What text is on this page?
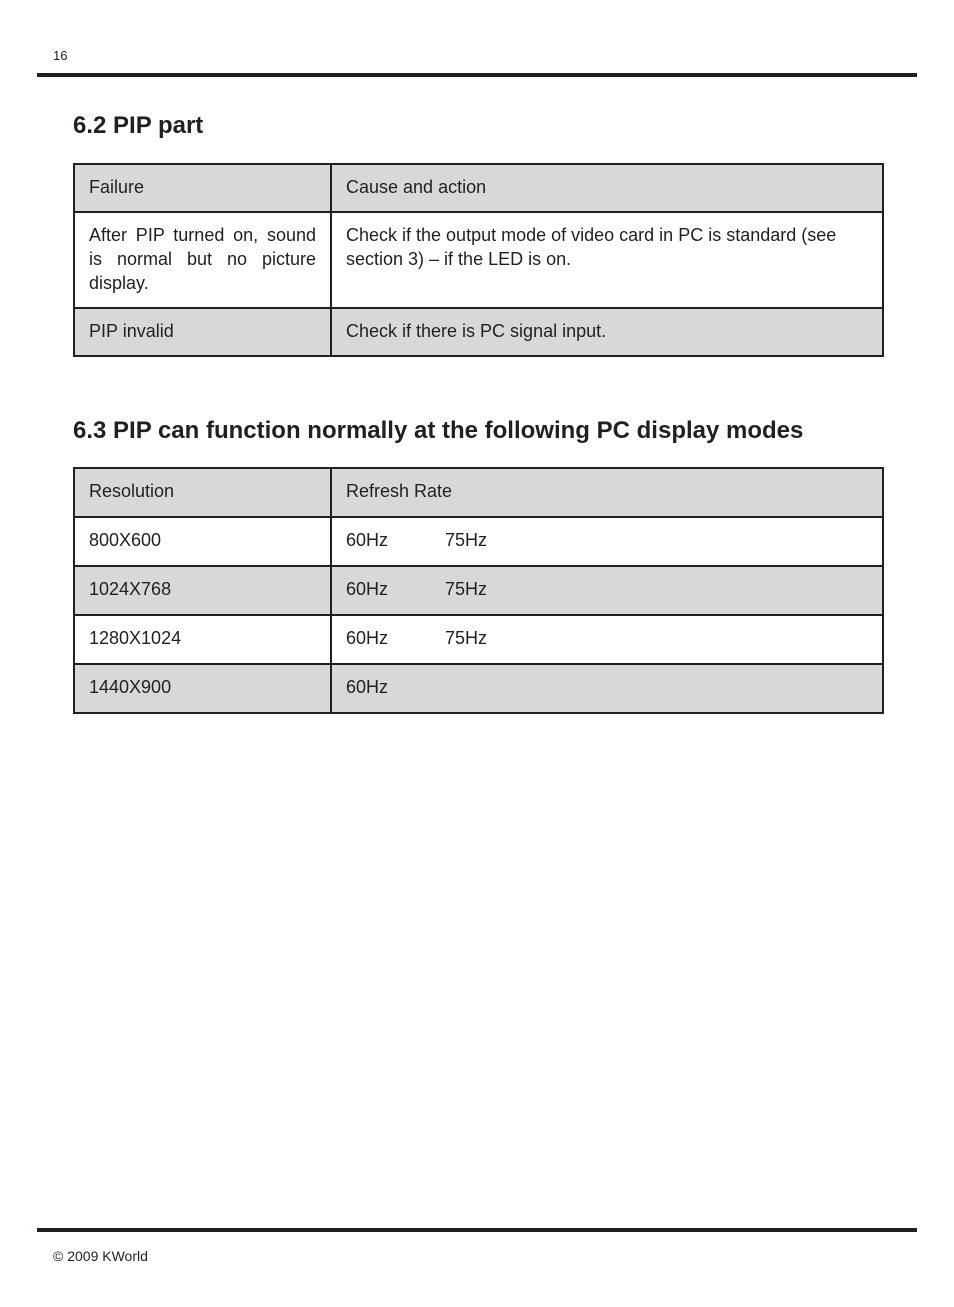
16
6.2 PIP part
Failure	Cause and action
After PIP turned on, sound is normal but no picture display.	Check if the output mode of video card in PC is standard (see section 3) – if the LED is on.
PIP invalid	Check if there is PC signal input.
6.3 PIP can function normally at the following PC display modes
Resolution	Refresh Rate
800X600	60Hz 75Hz
1024X768	60Hz 75Hz
1280X1024	60Hz 75Hz
1440X900	60Hz
© 2009 KWorld
